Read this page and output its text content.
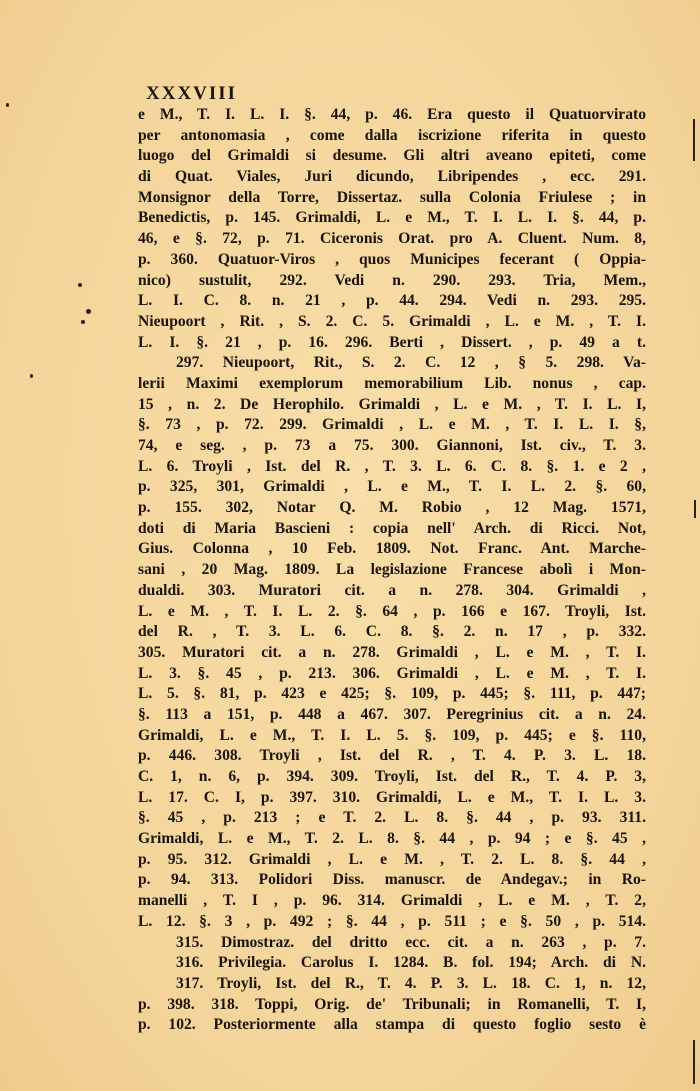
XXXVIII
e M., T. I. L. I. §. 44, p. 46. Era questo il Quatuorvirato
per antonomasia , come dalla iscrizione riferita in questo
luogo del Grimaldi si desume. Gli altri aveano epiteti, come
di Quat. Viales, Juri dicundo, Libripendes , ecc. 291.
Monsignor della Torre, Dissertaz. sulla Colonia Friulese ; in
Benedictis, p. 145. Grimaldi, L. e M., T. I. L. I. §. 44, p.
46, e §. 72, p. 71. Ciceronis Orat. pro A. Cluent. Num. 8,
p. 360. Quatuor-Viros , quos Municipes fecerant ( Oppia-
nico) sustulit, 292. Vedi n. 290. 293. Tria, Mem.,
L. I. C. 8. n. 21 , p. 44. 294. Vedi n. 293. 295.
Nieupoort , Rit. , S. 2. C. 5. Grimaldi , L. e M. , T. I.
L. I. §. 21 , p. 16. 296. Berti , Dissert. , p. 49 a t.
297. Nieupoort, Rit., S. 2. C. 12 , § 5. 298. Va-
lerii Maximi exemplorum memorabilium Lib. nonus , cap.
15 , n. 2. De Herophilo. Grimaldi , L. e M. , T. I. L. I,
§. 73 , p. 72. 299. Grimaldi , L. e M. , T. I. L. I. §,
74, e seg. , p. 73 a 75. 300. Giannoni, Ist. civ., T. 3.
L. 6. Troyli , Ist. del R. , T. 3. L. 6. C. 8. §. 1. e 2 ,
p. 325, 301, Grimaldi , L. e M., T. I. L. 2. §. 60,
p. 155. 302, Notar Q. M. Robio , 12 Mag. 1571,
doti di Maria Bascieni : copia nell' Arch. di Ricci. Not,
Gius. Colonna , 10 Feb. 1809. Not. Franc. Ant. Marche-
sani , 20 Mag. 1809. La legislazione Francese abolì i Mon-
dualdi. 303. Muratori cit. a n. 278. 304. Grimaldi ,
L. e M. , T. I. L. 2. §. 64 , p. 166 e 167. Troyli, Ist.
del R. , T. 3. L. 6. C. 8. §. 2. n. 17 , p. 332.
305. Muratori cit. a n. 278. Grimaldi , L. e M. , T. I.
L. 3. §. 45 , p. 213. 306. Grimaldi , L. e M. , T. I.
L. 5. §. 81, p. 423 e 425; §. 109, p. 445; §. 111, p. 447;
§. 113 a 151, p. 448 a 467. 307. Peregrinius cit. a n. 24.
Grimaldi, L. e M., T. I. L. 5. §. 109, p. 445; e §. 110,
p. 446. 308. Troyli , Ist. del R. , T. 4. P. 3. L. 18.
C. 1, n. 6, p. 394. 309. Troyli, Ist. del R., T. 4. P. 3,
L. 17. C. I, p. 397. 310. Grimaldi, L. e M., T. I. L. 3.
§. 45 , p. 213 ; e T. 2. L. 8. §. 44 , p. 93. 311.
Grimaldi, L. e M., T. 2. L. 8. §. 44 , p. 94 ; e §. 45 ,
p. 95. 312. Grimaldi , L. e M. , T. 2. L. 8. §. 44 ,
p. 94. 313. Polidori Diss. manuscr. de Andegav.; in Ro-
manelli , T. I , p. 96. 314. Grimaldi , L. e M. , T. 2,
L. 12. §. 3 , p. 492 ; §. 44 , p. 511 ; e §. 50 , p. 514.
315. Dimostraz. del dritto ecc. cit. a n. 263 , p. 7.
316. Privilegia. Carolus I. 1284. B. fol. 194; Arch. di N.
317. Troyli, Ist. del R., T. 4. P. 3. L. 18. C. 1, n. 12,
p. 398. 318. Toppi, Orig. de' Tribunali; in Romanelli, T. I,
p. 102. Posteriormente alla stampa di questo foglio sesto è
